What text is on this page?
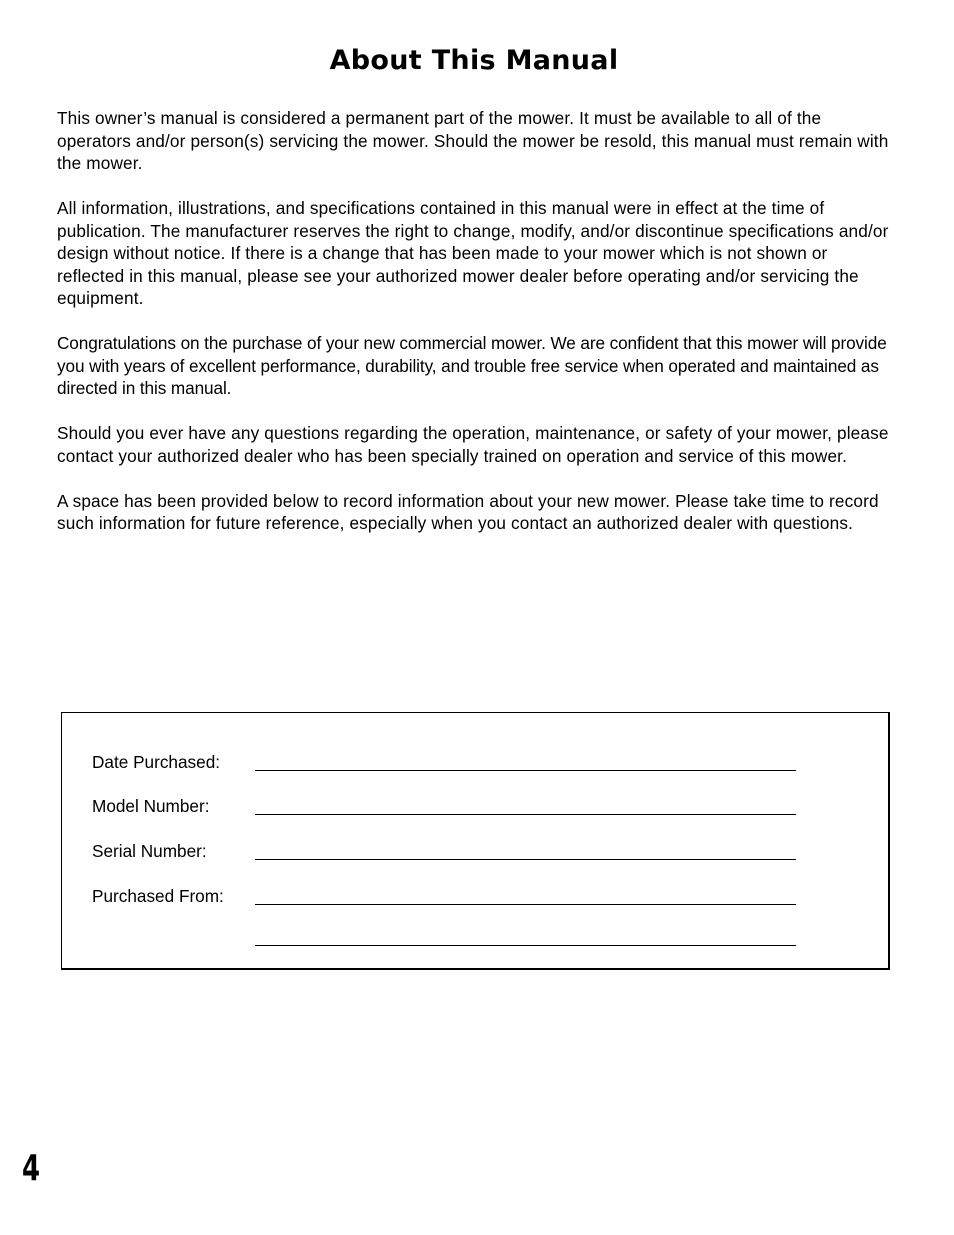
About This Manual

This owner’s manual is considered a permanent part of the mower. It must be available to all of the operators and/or person(s) servicing the mower. Should the mower be resold, this manual must remain with the mower.

All information, illustrations, and specifications contained in this manual were in effect at the time of publication. The manufacturer reserves the right to change, modify, and/or discontinue specifications and/or design without notice. If there is a change that has been made to your mower which is not shown or reflected in this manual, please see your authorized mower dealer before operating and/or servicing the equipment.

Congratulations on the purchase of your new commercial mower. We are confident that this mower will provide you with years of excellent performance, durability, and trouble free service when operated and maintained as directed in this manual.

Should you ever have any questions regarding the operation, maintenance, or safety of your mower, please contact your authorized dealer who has been specially trained on operation and service of this mower.

A space has been provided below to record information about your new mower. Please take time to record such information for future reference, especially when you contact an authorized dealer with questions.

Date Purchased:
Model Number:
Serial Number:
Purchased From:
4
